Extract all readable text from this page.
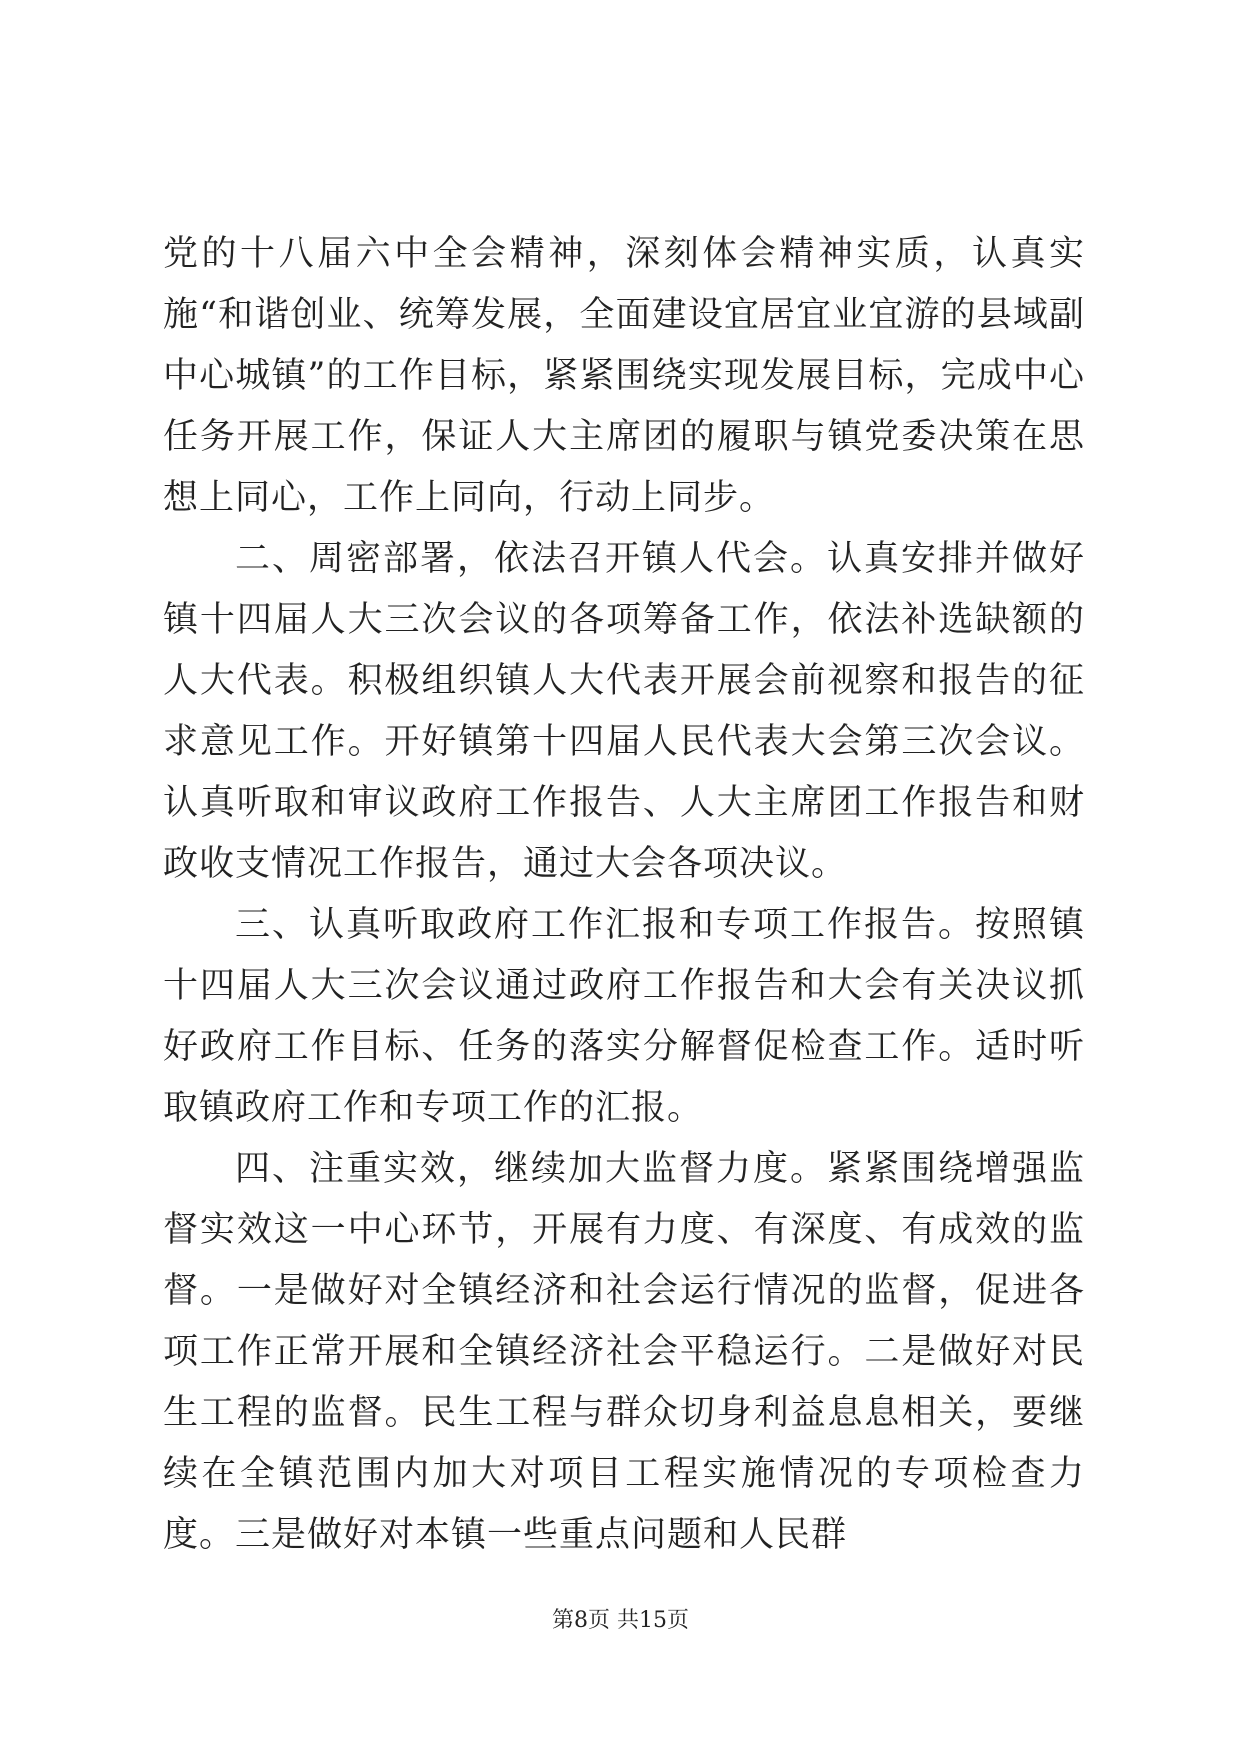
党的十八届六中全会精神，深刻体会精神实质，认真实施“和谐创业、统筹发展，全面建设宜居宜业宜游的县域副中心城镇”的工作目标，紧紧围绕实现发展目标，完成中心任务开展工作，保证人大主席团的履职与镇党委决策在思想上同心，工作上同向，行动上同步。

二、周密部署，依法召开镇人代会。认真安排并做好镇十四届人大三次会议的各项筹备工作，依法补选缺额的人大代表。积极组织镇人大代表开展会前视察和报告的征求意见工作。开好镇第十四届人民代表大会第三次会议。认真听取和审议政府工作报告、人大主席团工作报告和财政收支情况工作报告，通过大会各项决议。

三、认真听取政府工作汇报和专项工作报告。按照镇十四届人大三次会议通过政府工作报告和大会有关决议抓好政府工作目标、任务的落实分解督促检查工作。适时听取镇政府工作和专项工作的汇报。

四、注重实效，继续加大监督力度。紧紧围绕增强监督实效这一中心环节，开展有力度、有深度、有成效的监督。一是做好对全镇经济和社会运行情况的监督，促进各项工作正常开展和全镇经济社会平稳运行。二是做好对民生工程的监督。民生工程与群众切身利益息息相关，要继续在全镇范围内加大对项目工程实施情况的专项检查力度。三是做好对本镇一些重点问题和人民群

第8页 共15页
